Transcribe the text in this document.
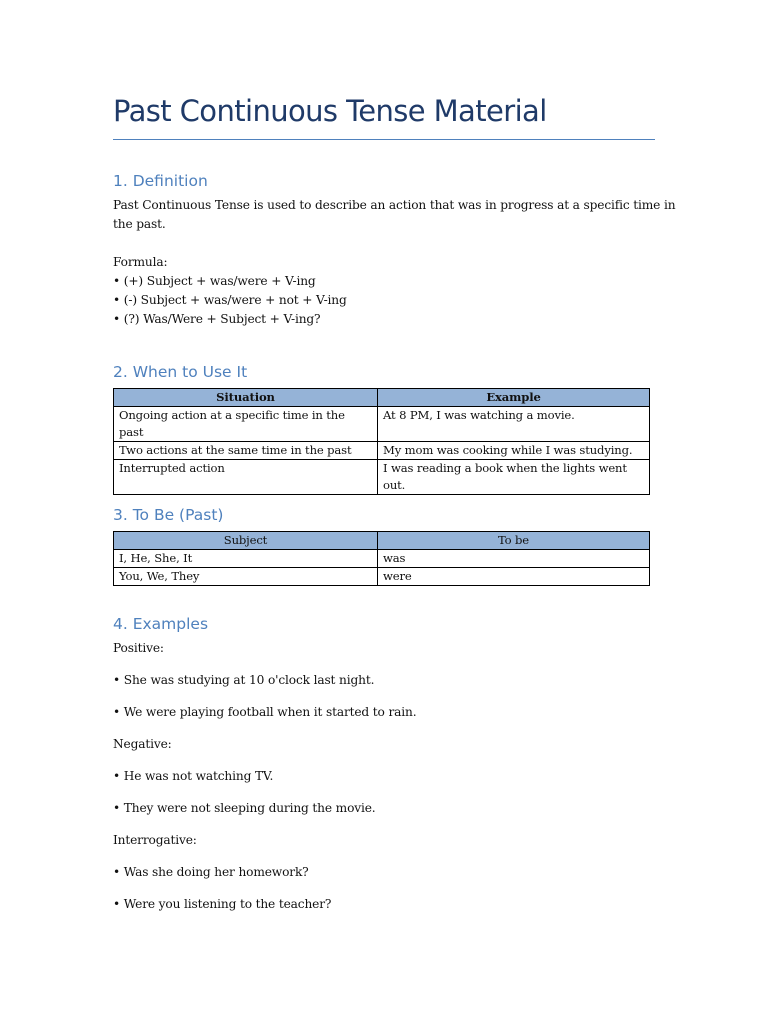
Past Continuous Tense Material
1. Definition

Past Continuous Tense is used to describe an action that was in progress at a specific time in

the past.

Formula:

• (+) Subject + was/were + V-ing

• (-) Subject + was/were + not + V-ing

• (?) Was/Were + Subject + V-ing?

2. When to Use It
Situation	Example
Ongoing action at a specific time in the past	At 8 PM, I was watching a movie.
Two actions at the same time in the past	My mom was cooking while I was studying.
Interrupted action	I was reading a book when the lights went out.
3. To Be (Past)
Subject	To be
I, He, She, It	was
You, We, They	were
4. Examples

Positive:

• She was studying at 10 o'clock last night.

• We were playing football when it started to rain.

Negative:

• He was not watching TV.

• They were not sleeping during the movie.

Interrogative:

• Was she doing her homework?

• Were you listening to the teacher?
